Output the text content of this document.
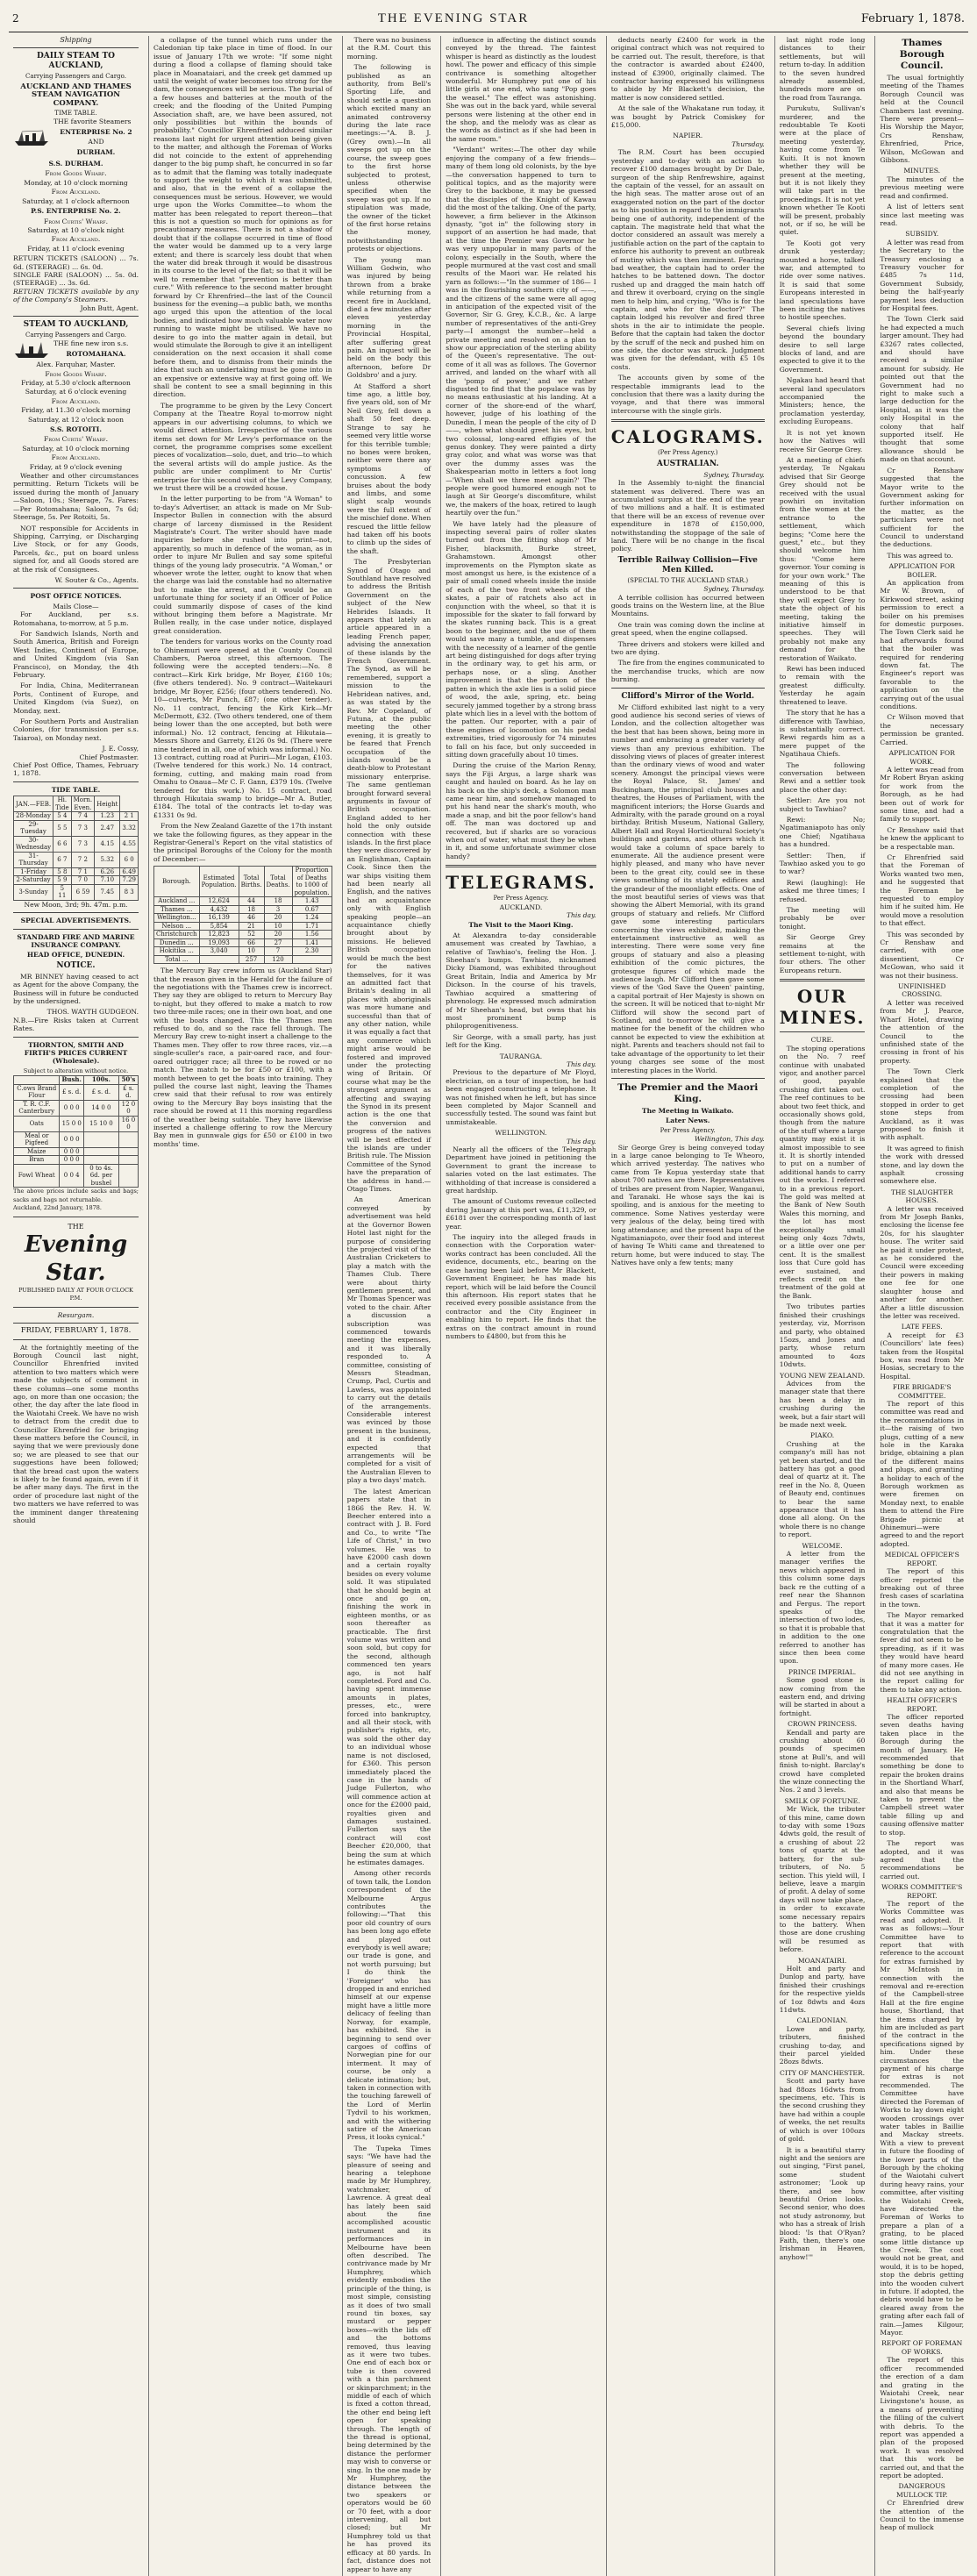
2	THE EVENING STAR	February 1, 1878.
Shipping
DAILY STEAM TO AUCKLAND,
Carrying Passengers and Cargo.
AUCKLAND AND THAMES STEAM NAVIGATION COMPANY.
TIME TABLE.
THE favorite Steamers
ENTERPRISE No. 2
AND
DURHAM.
S.S. DURHAM.
From Goods Wharf.
Monday, at 10 o'clock morning
From Auckland.
Saturday, at 1 o'clock afternoon
P.S. ENTERPRISE No. 2.
From Curtis' Wharf.
Saturday, at 10 o'clock night
From Auckland.
Friday, at 11 o'clock evening
RETURN TICKETS (SALOON) ... 7s. 6d. (STEERAGE) ... 6s. 0d.
SINGLE FARE (SALOON) ... 5s. 0d. (STEERAGE) ... 3s. 6d.
RETURN TICKETS available by any of the Company's Steamers.
John Butt, Agent.
STEAM TO AUCKLAND,
Carrying Passengers and Cargo.
THE fine new iron s.s.
ROTOMAHANA.
Alex. Farquhar, Master.
From Goods Wharf.
Friday, at 5.30 o'clock afternoon
Saturday, at 6 o'clock evening
From Auckland.
Friday, at 11.30 o'clock morning
Saturday, at 12 o'clock noon
S.S. ROTOITI.
From Curtis' Wharf.
Saturday, at 10 o'clock morning
From Auckland.
Friday, at 9 o'clock evening

Weather and other circumstances permitting. Return Tickets will be issued during the month of January—Saloon, 10s.; Steerage, 7s. Fares:—Per Rotomahana; Saloon, 7s 6d; Steerage, 5s. Per Rotoiti, 5s.

NOT responsible for Accidents in Shipping, Carrying, or Discharging Live Stock, or for any Goods, Parcels, &c., put on board unless signed for, and all Goods stored are at the risk of Consignees.

W. Souter & Co., Agents.
POST OFFICE NOTICES.
Mails Close—

For Auckland, per s.s. Rotomahana, to-morrow, at 5 p.m.

For Sandwich Islands, North and South America, British and Foreign West Indies, Continent of Europe, and United Kingdom (via San Francisco), on Monday, the 4th February.

For India, China, Mediterranean Ports, Continent of Europe, and United Kingdom (via Suez), on Monday, next.

For Southern Ports and Australian Colonies, (for transmission per s.s. Taiaroa), on Monday next.

J. E. Cossy,
Chief Postmaster.
Chief Post Office, Thames, February 1, 1878.
TIDE TABLE.
JAN.—FEB.	Hi. Tide	Morn. Even.	Height	
28-Monday	5 4	7 4	1.23	2 1
29-Tuesday	5 5	7 3	2.47	3.32
30-Wednesday	6 6	7 3	4.15	4.55
31-Thursday	6 7	7 2	5.32	6 0
1-Friday	5 8	7 1	6.26	6.49
2-Saturday	5 9	7 0	7.10	7.29
3-Sunday	5 11	6 59	7.45	8 3
New Moon, 3rd; 9h. 47m. p.m.
SPECIAL ADVERTISEMENTS.
STANDARD FIRE AND MARINE INSURANCE COMPANY.
HEAD OFFICE, DUNEDIN.
NOTICE.

MR BINNEY having ceased to act as Agent for the above Company, the Business will in future be conducted by the undersigned.

THOS. WAYTH GUDGEON.
N.B.—Fire Risks taken at Current Rates.
THORNTON, SMITH AND FIRTH'S PRICES CURRENT (Wholesale).
Subject to alteration without notice.
	Bush.	100s.	50's
C.ows Brand Flour	£ s. d.	£ s. d.	£ s. d.
T. R. C.F. Canterbury	0 0 0	14 0 0	12 0 0
Oats	15 0 0	15 10 0	16 0 0
Meal or Pigfeed	0 0 0		
Maize	0 0 0		
Bran	0 0 0		
Fowl Wheat	0 0 4	0 to 4s. 6d. per bushel	
The above prices include sacks and bags; sacks and bags not returnable.
Auckland, 22nd January, 1878.
THE
Evening Star.
PUBLISHED DAILY AT FOUR O'CLOCK P.M.
Resurgam.
FRIDAY, FEBRUARY 1, 1878.

At the fortnightly meeting of the Borough Council last night, Councillor Ehrenfried invited attention to two matters which were made the subjects of comment in these columns—one some months ago, on more than one occasion; the other, the day after the late flood in the Waiotahi Creek. We have no wish to detract from the credit due to Councillor Ehrenfried for bringing these matters before the Council, in saying that we were previously done so; we are pleased to see that our suggestions have been followed; that the bread cast upon the waters is likely to be found again, even if it be after many days. The first in the order of procedure last night of the two matters we have referred to was the imminent danger threatening should

a collapse of the tunnel which runs under the Caledonian tip take place in time of flood. In our issue of January 17th we wrote: "If some night during a flood a collapse of flaming should take place in Moanataiari, and the creek get dammed up until the weight of water becomes too strong for the dam, the consequences will be serious. The burial of a few houses and batteries at the mouth of the creek; and the flooding of the United Pumping Association shaft, are, we have been assured, not only possibilities but within the bounds of probability." Councillor Ehrenfried adduced similar reasons last night for urgent attention being given to the matter, and although the Foreman of Works did not coincide to the extent of apprehending danger to the big pump shaft, he concurred in so far as to admit that the flaming was totally inadequate to support the weight to which it was submitted, and also, that in the event of a collapse the consequences must be serious. However, we would urge upon the Works Committee—to whom the matter has been relegated to report thereon—that this is not a question so much for opinions as for precautionary measures. There is not a shadow of doubt that if the collapse occurred in time of flood the water would be dammed up to a very large extent; and there is scarcely less doubt that when the water did break through it would be disastrous in its course to the level of the flat; so that it will be well to remember that "prevention is better than cure." With reference to the second matter brought forward by Cr Ehrenfried—the last of the Council business for the evening—a public bath, we months ago urged this upon the attention of the local bodies, and indicated how much valuable water now running to waste might be utilised. We have no desire to go into the matter again in detail, but would stimulate the Borough to give it an intelligent consideration on the next occasion it shall come before them, and to dismiss from their minds the idea that such an undertaking must be gone into in an expensive or extensive way at first going off. We shall be content to see a small beginning in this direction.

The programme to be given by the Levy Concert Company at the Theatre Royal to-morrow night appears in our advertising columns, to which we would direct attention. Irrespective of the various items set down for Mr Levy's performance on the cornet, the programme comprises some excellent pieces of vocalization—solo, duet, and trio—to which the several artists will do ample justice. As the public are under compliment to Mr Curtis' enterprise for this second visit of the Levy Company, we trust there will be a crowded house.

In the letter purporting to be from "A Woman" to to-day's Advertiser, an attack is made on Mr Sub-Inspector Bullen in connection with the absurd charge of larceny dismissed in the Resident Magistrate's Court. The writer should have made inquiries before she rushed into print—not, apparently, so much in defence of the woman, as in order to injure Mr Bullen and say some spiteful things of the young lady prosecutrix. "A Woman," or whoever wrote the letter, ought to know that when the charge was laid the constable had no alternative but to make the arrest, and it would be an unfortunate thing for society if an Officer of Police could summarily dispose of cases of the kind without bringing them before a Magistrate. Mr Bullen really, in the case under notice, displayed great consideration.

The tenders for various works on the County road to Ohinemuri were opened at the County Council Chambers, Paeroa street, this afternoon. The following were the accepted tenders:—No. 8 contract—Kirk Kirk bridge, Mr Boyer, £160 10s; (five others tendered). No. 9 contract—Waitekauri bridge, Mr Boyer, £256; (four others tendered). No. 10—culverts, Mr Punch, £87; (one other tender). No. 11 contract, fencing the Kirk Kirk—Mr McDermott, £32. (Two others tendered, one of them being lower than the one accepted, but both were informal.) No. 12 contract, fencing at Hikutaia—Messrs Shore and Garrety, £126 0s 9d. (There were nine tendered in all, one of which was informal.) No. 13 contract, cutting road at Puriri—Mr Logan, £103. (Twelve tendered for this work.) No. 14 contract, forming, cutting, and making main road from Omahu to Onaua—Mr C. F. Gann, £379 10s. (Twelve tendered for this work.) No. 15 contract, road through Hikutaia swamp to bridge—Mr A. Butler, £184. The total of the contracts let to-day was £1331 0s 9d.

From the New Zealand Gazette of the 17th instant we take the following figures, as they appear in the Registrar-General's Report on the vital statistics of the principal Boroughs of the Colony for the month of December:—

Borough.	Estimated Population.	Total Births.	Total Deaths.	Proportion of Deaths to 1000 of population.
Auckland ...	12,624	44	18	1.43
Thames ...	4,432	18	3	0.67
Wellington...	16,139	46	20	1.24
Nelson ...	5,854	21	10	1.71
Christchurch	12,823	52	20	1.56
Dunedin ...	19,093	66	27	1.41
Hokitika ...	3,040	10	7	2.30
Total ...		257	120	

The Mercury Bay crew inform us (Auckland Star) that the reason given in the Herald for the failure of the negotiations with the Thames crew is incorrect. They say they are obliged to return to Mercury Bay to-night, but they offered to make a match to row two three-mile races; one in their own boat, and one with the boats changed. This the Thames men refused to do, and so the race fell through. The Mercury Bay crew to-night insert a challenge to the Thames men. They offer to row three races, viz.—a single-sculler's race, a pair-oared race, and four-oared outrigger race; all three to be rowed or no match. The match to be for £50 or £100, with a month between to get the boats into training. They pulled the course last night, leaving the Thames crew said that their refusal to row was entirely owing to the Mercury Bay boys insisting that the race should be rowed at 11 this morning regardless of the weather being suitable. They have likewise inserted a challenge offering to row the Mercury Bay men in gunnwale gigs for £50 or £100 in two months' time.

There was no business at the R.M. Court this morning.

The following is published as an authority, from Bell's Sporting Life, and should settle a question which excited many an animated controversy during the late race meetings:—"A. B. J. (Grey own).—In all sweeps got up on the course, the sweep goes to the first horse subjected to protest, unless otherwise specified when the sweep was got up. If no stipulation was made, the owner of the ticket of the first horse retains the money, notwithstanding protests or objections.

The young man William Godwin, who was injured by being thrown from a brake while returning from a recent fire in Auckland, died a few minutes after eleven yesterday morning in the Provincial Hospital, after suffering great pain. An inquest will be held on the body this afternoon, before Dr Goldsbro' and a jury.

At Stafford a short time ago, a little boy, five years old, son of Mr Neil Grey, fell down a shaft 50 feet deep. Strange to say he seemed very little worse for this terrible tumble; no bones were broken, neither were there any symptoms of concussion. A few bruises about the body and limbs, and some slight scalp wounds were the full extent of the mischief done. When rescued the little fellow had taken off his boots to climb up the sides of the shaft.

The Presbyterian Synod of Otago and Southland have resolved to address the British Government on the subject of the New Hebrides Islands. It appears that lately an article appeared in a leading French paper, advising the annexation of these islands by the French Government. The Synod, as will be remembered, support a mission to the Hebridean natives, and, as was stated by the Rev. Mr Copeland, of Futuna, at the public meeting the other evening, it is greatly to be feared that French occupation of the islands would be a death-blow to Protestant missionary enterprise. The same gentleman brought forward several arguments in favour of British occupation. England added to her hold the only outside connection with these islands. In the first place they were discovered by an Englishman, Captain Cook. Since then the war ships visiting them had been nearly all English, and the natives had an acquaintance only with English speaking people—an acquaintance chiefly brought about by missions. He believed British occupation would be much the best for the natives themselves, for it was an admitted fact that Britain's dealing in all places with aboriginals was more humane and successful than that of any other nation, while it was equally a fact that any commerce which might arise would be fostered and improved under the protecting wing of Britain. Of course what may be the strongest argument as affecting and swaying the Synod in its present action is the one that the conversion and progress of the natives will be best effected if the islands are under British rule. The Mission Committee of the Synod have the preparation of the address in hand.—Otago Times.

An American conveyed by advertisement was held at the Governor Bowen Hotel last night for the purpose of considering the projected visit of the Australian Cricketers to play a match with the Thames Club. There were about thirty gentlemen present, and Mr Thomas Spencer was voted to the chair. After a discussion a subscription was commenced towards meeting the expenses, and it was liberally responded to. A committee, consisting of Messrs Steadman, Crump, Pacl, Curtis and Lawless, was appointed to carry out the details of the arrangements. Considerable interest was evinced by those present in the business, and it is confidently expected that arrangements will be completed for a visit of the Australian Eleven to play a two days' match.

The latest American papers state that in 1866 the Rev. H. W. Beecher entered into a contract with J. B. Ford and Co., to write "The Life of Christ," in two volumes. He was to have £2000 cash down and a certain royalty besides on every volume sold. It was stipulated that he should begin at once and go on, finishing the work in eighteen months, or as soon thereafter as practicable. The first volume was written and soon sold, but copy for the second, although commenced ten years ago, is not half completed. Ford and Co. having spent immense amounts in plates, presses, etc., were forced into bankruptcy, and all their stock, with publisher's rights, etc, was sold the other day to an individual whose name is not disclosed, for £360. This person immediately placed the case in the hands of Judge Fullerton, who will commence action at once for the £2000 paid, royalties given and damages sustained. Fullerton says the contract will cost Beecher £20,000, that being the sum at which he estimates damages.

Among other records of town talk, the London correspondent of the Melbourne Argus contributes the following:—"That this poor old country of ours has been long ago effete and played out everybody is well aware; our trade is gone, and not worth pursuing; but I do think the 'Foreigner' who has dropped in and enriched himself at our expense might have a little more delicacy of feeling than Norway, for example, has exhibited. She is beginning to send over cargoes of coffins of Norwegian pine for our interment. It may of course, be only a delicate intimation; but, taken in connection with the touching farewell of the Lord of Merlin Tydvil to his workmen, and with the withering satire of the American Press, it looks cynical."

The Tupeka Times says: "We have had the pleasure of seeing and hearing a telephone made by Mr Humphrey, watchmaker, of Lawrence. A great deal has lately been said about the fine accomplished acoustic instrument and its performances in Melbourne have been often described. The contrivance made by Mr Humphrey, which evidently embodies the principle of the thing, is most simple, consisting as it does of two small round tin boxes, say mustard or pepper boxes—with the lids off and the bottoms removed, thus leaving as it were two tubes. One end of each box or tube is then covered with a thin parchment or skinparchment; in the middle of each of which is fixed a cotton thread, the other end being left open for speaking through. The length of the thread is optional, being determined by the distance the performer may wish to converse or sing. In the one made by Mr Humphrey, the distance between the two speakers or operators would be 60 or 70 feet, with a door intervening, all but closed; but Mr Humphrey told us that he has proved its efficacy at 80 yards. In fact, distance does not appear to have any

influence in affecting the distinct sounds conveyed by the thread. The faintest whisper is heard as distinctly as the loudest howl. The power and efficacy of this simple contrivance is something altogether wonderful. Mr Humphrey put one of his little girls at one end, who sang "Pop goes the weasel." The effect was astonishing. She was out in the back yard, while several persons were listening at the other end in the shop, and the melody was as clear as the words as distinct as if she had been in the same room."

"Verdant" writes:—The other day while enjoying the company of a few friends—many of them long old colonists, by the bye—the conversation happened to turn to political topics, and as the majority were Grey to the backbone, it may be guessed that the disciples of the Knight of Kawau did the most of the talking. One of the party, however, a firm believer in the Atkinson dynasty, "got in" the following story in support of an assertion he had made, that at the time the Premier was Governor he was very unpopular in many parts of the colony, especially in the South, where the people murmured at the vast cost and small results of the Maori war. He related his yarn as follows:—"In the summer of 186— I was in the flourishing southern city of ——, and the citizens of the same were all agog in anticipation of the expected visit of the Governor, Sir G. Grey, K.C.B., &c. A large number of representatives of the anti-Grey party—I amongst the number—held a private meeting and resolved on a plan to show our appreciation of the sterling ability of the Queen's representative. The out-come of it all was as follows. The Governor arrived, and landed on the wharf with all the 'pomp of power,' and we rather disgusted to find that the populace was by no means enthusiastic at his landing. At a corner of the shore-end of the wharf, however, judge of his loathing of the Dunedin, I mean the people of the city of D——, when what should greet his eyes, but two colossal, long-eared effigies of the genus donkey. They were painted a dirty gray color, and what was worse was that over the dummy asses was the Shakespearian motto in letters a foot long—'When shall we three meet again?' The people were good humored enough not to laugh at Sir George's discomfiture, whilst we, the makers of the hoax, retired to laugh heartily over the fun."

We have lately had the pleasure of inspecting several pairs of roller skates turned out from the fitting shop of Mr Fisher, blacksmith, Burke street, Grahamstown. Amongst other improvements on the Plympton skate as most amongst us here, is the existence of a pair of small coned wheels inside the inside of each of the two front wheels of the skates, a pair of ratchets also act in conjunction with the wheel, so that it is impossible for the skater to fall forward by the skates running back. This is a great boon to the beginner, and the use of them would save many a tumble, and dispenses with the necessity of a learner of the gentle art being distinguished for dogs after trying in the ordinary way, to get his arm, or perhaps nose, or a sling. Another improvement is that the portion of the patten in which the axle lies is a solid piece of wood, the axle, spring, etc. being securely jammed together by a strong brass plate which lies in a level with the bottom of the patten. Our reporter, with a pair of these engines of locomotion on his pedal extremities, tried vigorously for 74 minutes to fall on his face, but only succeeded in sitting down gracefully about 10 times.

During the cruise of the Marion Renny, says the Fiji Argus, a large shark was caught and hauled on board. As he lay on his back on the ship's deck, a Solomon man came near him, and somehow managed to put his hand near the shark's mouth, who made a snap, and bit the poor fellow's hand off. The man was doctored up and recovered, but if sharks are so voracious when out of water, what must they be when in it, and some unfortunate swimmer close handy?

TELEGRAMS.
Per Press Agency.
AUCKLAND.
This day.
The Visit to the Maori King.

At Alexandra to-day considerable amusement was created by Tawhiao, a relative of Tawhiao's, feeling the Hon. J. Sheehan's bumps. Tawhiao, nicknamed Dicky Diamond, was exhibited throughout Great Britain, India and America by Mr Dickson. In the course of his travels, Tawhiao acquired a smattering of phrenology. He expressed much admiration of Mr Sheehan's head, but owns that his most prominent bump is philoprogenitiveness.

Sir George, with a small party, has just left for the King.

TAURANGA.
This day.

Previous to the departure of Mr Floyd, electrician, on a tour of inspection, he had been engaged constructing a telephone. It was not finished when he left, but has since been completed by Major Scannell and successfully tested. The sound was faint but unmistakeable.

WELLINGTON.
This day.

Nearly all the officers of the Telegraph Department have joined in petitioning the Government to grant the increase to salaries voted on the last estimates. The withholding of that increase is considered a great hardship.

The amount of Customs revenue collected during January at this port was, £11,329, or £6181 over the corresponding month of last year.

The inquiry into the alleged frauds in connection with the Corporation water-works contract has been concluded. All the evidence, documents, etc., bearing on the case having been laid before Mr Blackett, Government Engineer, he has made his report, which will be laid before the Council this afternoon. His report states that he received every possible assistance from the contractor and the City Engineer in enabling him to report. He finds that the extras on the contract amount in round numbers to £4800, but from this he

deducts nearly £2400 for work in the original contract which was not required to be carried out. The result, therefore, is that the contractor is awarded about £2400, instead of £3900, originally claimed. The contractor having expressed his willingness to abide by Mr Blackett's decision, the matter is now considered settled.

At the sale of the Whakatane run today, it was bought by Patrick Comiskey for £15,000.

NAPIER.
Thursday.

The R.M. Court has been occupied yesterday and to-day with an action to recover £100 damages brought by Dr Dale, surgeon of the ship Renfrewshire, against the captain of the vessel, for an assault on the high seas. The matter arose out of an exaggerated notion on the part of the doctor as to his position in regard to the immigrants being one of authority, independent of the captain. The magistrate held that what the doctor considered an assault was merely a justifiable action on the part of the captain to enforce his authority to prevent an outbreak of mutiny which was then imminent. Fearing bad weather, the captain had to order the hatches to be battened down. The doctor rushed up and dragged the main hatch off and threw it overboard, crying on the single men to help him, and crying, "Who is for the captain, and who for the doctor?" The captain lodged his revolver and fired three shots in the air to intimidate the people. Before that the captain had taken the doctor by the scruff of the neck and pushed him on one side, the doctor was struck. Judgment was given for the defendant, with £5 10s costs.

The accounts given by some of the respectable immigrants lead to the conclusion that there was a laxity during the voyage, and that there was immoral intercourse with the single girls.

CALOGRAMS.
(Per Press Agency.)
AUSTRALIAN.
Sydney, Thursday.

In the Assembly to-night the financial statement was delivered. There was an accumulated surplus at the end of the year of two millions and a half. It is estimated that there will be an excess of revenue over expenditure in 1878 of £150,000, notwithstanding the stoppage of the sale of land. There will be no change in the fiscal policy.

Terrible Railway Collision—Five Men Killed.
(SPECIAL TO THE AUCKLAND STAR.)
Sydney, Thursday.

A terrible collision has occurred between goods trains on the Western line, at the Blue Mountains.

One train was coming down the incline at great speed, when the engine collapsed.

Three drivers and stokers were killed and two are dying.

The fire from the engines communicated to the merchandise trucks, which are now burning.

Clifford's Mirror of the World.

Mr Clifford exhibited last night to a very good audience his second series of views of London, and the collection altogether was the best that has been shown, being more in number and embracing a greater variety of views than any previous exhibition. The dissolving views of places of greater interest than the ordinary views of wood and water scenery. Amongst the principal views were the Royal Palace, St. James' and Buckingham, the principal club houses and theatres, the Houses of Parliament, with the magnificent interiors; the Horse Guards and Admiralty, with the parade ground on a royal birthday. British Museum, National Gallery, Albert Hall and Royal Horticultural Society's buildings and gardens, and others which it would take a column of space barely to enumerate. All the audience present were highly pleased, and many who have never been to the great city, could see in these views something of its stately edifices and the grandeur of the moonlight effects. One of the most beautiful series of views was that showing the Albert Memorial, with its grand groups of statuary and reliefs. Mr Clifford gave some interesting particulars concerning the views exhibited, making the entertainment instructive as well as interesting. There were some very fine groups of statuary and also a pleasing exhibition of the comic pictures, the grotesque figures of which made the audience laugh. Mr Clifford then gave some views of the 'God Save the Queen' painting, a capital portrait of Her Majesty is shown on the screen. It will be noticed that to-night Mr Clifford will show the second part of Scotland, and to-morrow he will give a matinee for the benefit of the children who cannot be expected to view the exhibition at night. Parents and teachers should not fail to take advantage of the opportunity to let their young charges see some of the most interesting places in the World.

The Premier and the Maori King.
The Meeting in Waikato.
Later News.
Per Press Agency.
Wellington, This day.

Sir George Grey is being conveyed today in a large canoe belonging to Te Wheoro, which arrived yesterday. The natives who came from Te Kopua yesterday state that about 700 natives are there. Representatives of tribes are present from Napier, Wanganui, and Taranaki. He whose says the kai is spoiling, and is anxious for the meeting to commence. Some Natives yesterday were very jealous of the delay, being tired with long attendance; and the present hapu of the Ngatimaniapoto, over their food and interest of having Te Whiti came and threatened to return home, but were induced to stay. The Natives have only a few tents; many

last night rode long distances to their settlements, but will return to-day. In addition to the seven hundred already assembled, hundreds more are on the road from Tauranga.

Purukutu, Sullivan's murderer, and the redoubtable Te Kooti were at the place of meeting yesterday, having come from Te Kuiti. It is not known whether they will be present at the meeting, but it is not likely they will take part in the proceedings. It is not yet known whether Te Kooti will be present, probably not, or if so, he will be quiet.

Te Kooti got very drunk yesterday; mounted a horse, talked war, and attempted to ride over some natives. It is said that some Europeans interested in land speculations have been inciting the natives to hostile speeches.

Several chiefs living beyond the boundary desire to sell large blocks of land, and are expected to give it to the Government.

Ngakau had heard that several land speculators accompanied the Ministers; hence, the proclamation yesterday, excluding Europeans.

It is not yet known how the Natives will receive Sir George Grey.

At a meeting of chiefs yesterday, Te Ngakau advised that Sir George Grey should not be received with the usual powhiri on invitation from the women at the entrance to the settlement, which begins; "Come here the guest," etc., but they should welcome him thus: "Come here governor. Your coming is for your own work." The meaning of this is understood to be that they will expect Grey to state the object of his meeting, taking the initiative himself in speeches. They will probably not make any demand for the restoration of Waikato.

Rewi has been induced to remain with the greatest difficulty. Yesterday he again threatened to leave.

The story that he has a difference with Tawhiao, is substantially correct. Rewi regards him as a mere puppet of the Ngatihaua Chiefs.

The following conversation between Rewi and a settler took place the other day:

Settler: Are you not subject to Tawhiao?

Rewi: No; Ngatimaniapoto has only one Chief; Ngatihaua has a hundred.

Settler: Then, if Tawhiao asked you to go to war?

Rewi (laughing): He asked me three times; I refused.

The meeting will probably be over tonight.

Sir George Grey remains at the settlement to-night, with four others. The other Europeans return.

OUR MINES.
CURE.

The stoping operations on the No. 7 reef continue with unabated vigor, and another parcel of good, payable crushing dirt taken out. The reef continues to be about two feet thick, and occasionally shows gold, though from the nature of the stuff where a large quantity may exist it is almost impossible to see it. It is shortly intended to put on a number of additional hands to carry out the works. I referred to in a previous report. The gold was melted at the Bank of New South Wales this morning, and the lot has most exceptionally small being only 4ozs 7dwts, or a little over one per cent. It is the smallest loss that Cure gold has ever sustained, and reflects credit on the treatment of the gold at the Bank.

Two tributes parties finished their crushings yesterday, viz, Morrison and party, who obtained 15ozs, and Jones and party, whose return amounted to 4ozs 10dwts.

YOUNG NEW ZEALAND.

Advices from the manager state that there has been a delay in crushing during the week, but a fair start will be made next week.

PIAKO.

Crushing at the company's mill has not yet been started, and the battery has got a good deal of quartz at it. The reef in the No. 8, Queen of Beauty end, continues to bear the same appearance that it has done all along. On the whole there is no change to report.

WELCOME.

A letter from the manager verifies the news which appeared in this column some days back re the cutting of a reef near the Shannon and Fergus. The report speaks of the intersection of two lodes, so that it is probable that in addition to the one referred to another has since then been come upon.

PRINCE IMPERIAL.

Some good stone is now coming from the eastern end, and driving will be started in about a fortnight.

CROWN PRINCESS.

Kendall and party are crushing about 60 pounds of specimen stone at Bull's, and will finish to-night. Barclay's crowd have completed the winze connecting the Nos. 2 and 3 levels.

SMILK OF FORTUNE.

Mr Wick, the tributer of this mine, came down to-day with some 19ozs 4dwts gold, the result of a crushing of about 22 tons of quartz at the battery, for the sub-tributers, of No. 5 section. This yield will, I believe, leave a margin of profit. A delay of some days will now take place, in order to excavate some necessary repairs to the battery. When those are done crushing will be resumed as before.

MOANATAIRI.

Holt and party and Dunlop and party, have finished their crushings for the respective yields of 1oz 8dwts and 4ozs 11dwts.

CALEDONIAN.

Lowe and party, tributers, finished crushing to-day, and their parcel yielded 28ozs 8dwts.

CITY OF MANCHESTER.

Scott and party have had 88ozs 16dwts from specimens, etc. This is the second crushing they have had within a couple of weeks, the net results of which is over 100ozs of gold.

It is a beautiful starry night and the seniors are out singing, "First panel, some student astronomer; 'Look up there, and see how beautiful Orion looks. Second senior, who does not study astronomy, but who has a streak of Irish blood: 'Is that O'Ryan? Faith, then, there's one Irishman in Heaven, anyhow!'"

Thames Borough Council.

The usual fortnightly meeting of the Thames Borough Council was held at the Council Chambers last evening. There were present—His Worship the Mayor, Crs Renshaw, Ehrenfried, Price, Wilson, McGowan and Gibbons.

MINUTES.

The minutes of the previous meeting were read and confirmed.

A list of letters sent since last meeting was read.

SUBSIDY.

A letter was read from the Secretary to the Treasury enclosing a Treasury voucher for £485 7s 11d, Government Subsidy, being the half-yearly payment less deduction for Hospital fees.

The Town Clerk said he had expected a much larger amount. They had £3267 rates collected, and should have received a similar amount for subsidy. He pointed out that the Government had no right to make such a large deduction for the Hospital, as it was the only Hospital in the colony that half supported itself. He thought that some allowance should be made on that account.

Cr Renshaw suggested that the Mayor write to the Government asking for further information on the matter, as the particulars were not sufficient for the Council to understand the deductions.

This was agreed to.

APPLICATION FOR BOILER.

An application from Mr W. Brown, of Kirkwood street, asking permission to erect a boiler on his premises for domestic purposes. The Town Clerk said he had afterwards found that the boiler was required for rendering down fat. The Engineer's report was favorable to the application on the carrying out of the usual conditions.

Cr Wilson moved that the necessary permission be granted. Carried.

APPLICATION FOR WORK.

A letter was read from Mr Robert Bryan asking for work from the Borough, as he had been out of work for some time, and had a family to support.

Cr Renshaw said that he knew the applicant to be a respectable man.

Cr Ehrenfried said that the Foreman of Works wanted two men, and he suggested that the Foreman be requested to employ him if he suited him. He would move a resolution to that effect.

This was seconded by Cr Renshaw and carried, with one dissentient, Cr McGowan, who said it was not their business.

UNFINISHED CROSSING.

A letter was received from Mr J. Pearce, Wharf Hotel, drawing the attention of the Council to the unfinished state of the crossing in front of his property.

The Town Clerk explained that the completion of the crossing had been stopped in order to get stone steps from Auckland, as it was proposed to finish it with asphalt.

It was agreed to finish the work with dressed stone, and lay down the asphalt crossing somewhere else.

THE SLAUGHTER HOUSES.

A letter was received from Mr Joseph Banks, enclosing the license fee 20s, for his slaughter house. The writer said he paid it under protest, as he considered the Council were exceeding their powers in making one fee for one slaughter house and another for another. After a little discussion the letter was received.

LATE FEES.

A receipt for £3 (Councillors' late fees) taken from the Hospital box, was read from Mr Hosias, secretary to the Hospital.

FIRE BRIGADE'S COMMITTEE.

The report of this committee was read and the recommendations in it—the raising of two plugs, cutting of a new hole in the Karaka bridge, obtaining a plan of the different mains and plugs, and granting a holiday to each of the Borough workmen as were firemen on Monday next, to enable them to attend the Fire Brigade picnic at Ohinemuri—were agreed to and the report adopted.

MEDICAL OFFICER'S REPORT.

The report of this officer reported the breaking out of three fresh cases of scarlatina in the town.

The Mayor remarked that it was a matter for congratulation that the fever did not seem to be spreading, as if it was they would have heard of many more cases. He did not see anything in the report calling for them to take any action.

HEALTH OFFICER'S REPORT.

The officer reported seven deaths having taken place in the Borough during the month of January. He recommended that something be done to repair the broken drains in the Shortland Wharf, and also that means be taken to prevent the Campbell street water table filling up and causing offensive matter to stop.

The report was adopted, and it was agreed that the recommendations be carried out.

WORKS COMMITTEE'S REPORT.

The report of the Works Committee was read and adopted. It was as follows:—Your Committee have to report that with reference to the account for extras furnished by Mr McIntosh in connection with the removal and re-erection of the Campbell-stree Hall at the fire engine house, Shortland, that the items charged by him are included as part of the contract in the specifications signed by him. Under these circumstances the payment of his charge for extras is not recommended. The Committee have directed the Foreman of Works to lay down eight wooden crossings over water tables in Baillie and Mackay streets. With a view to prevent in future the flooding of the lower parts of the Borough by the choking of the Waiotahi culvert during heavy rains, your committee, after visiting the Waiotahi Creek, have directed the Foreman of Works to prepare a plan of a grating, to be placed some little distance up the Creek. The cost would not be great, and would, it is to be hoped, stop the debris getting into the wooden culvert in future. If adopted, the debris would have to be cleared away from the grating after each fall of rain.—James Kilgour, Mayor.

REPORT OF FOREMAN OF WORKS.

The report of this officer recommended the erection of a dam and grating in the Waiotahi Creek, near Livingstone's house, as a means of preventing the filling of the culvert with debris. To the report was appended a plan of the proposed work. It was resolved that this work be carried out, and that the report be adopted.

DANGEROUS MULLOCK TIP.

Cr Ehrenfried drew the attention of the Council to the immense heap of mullock
